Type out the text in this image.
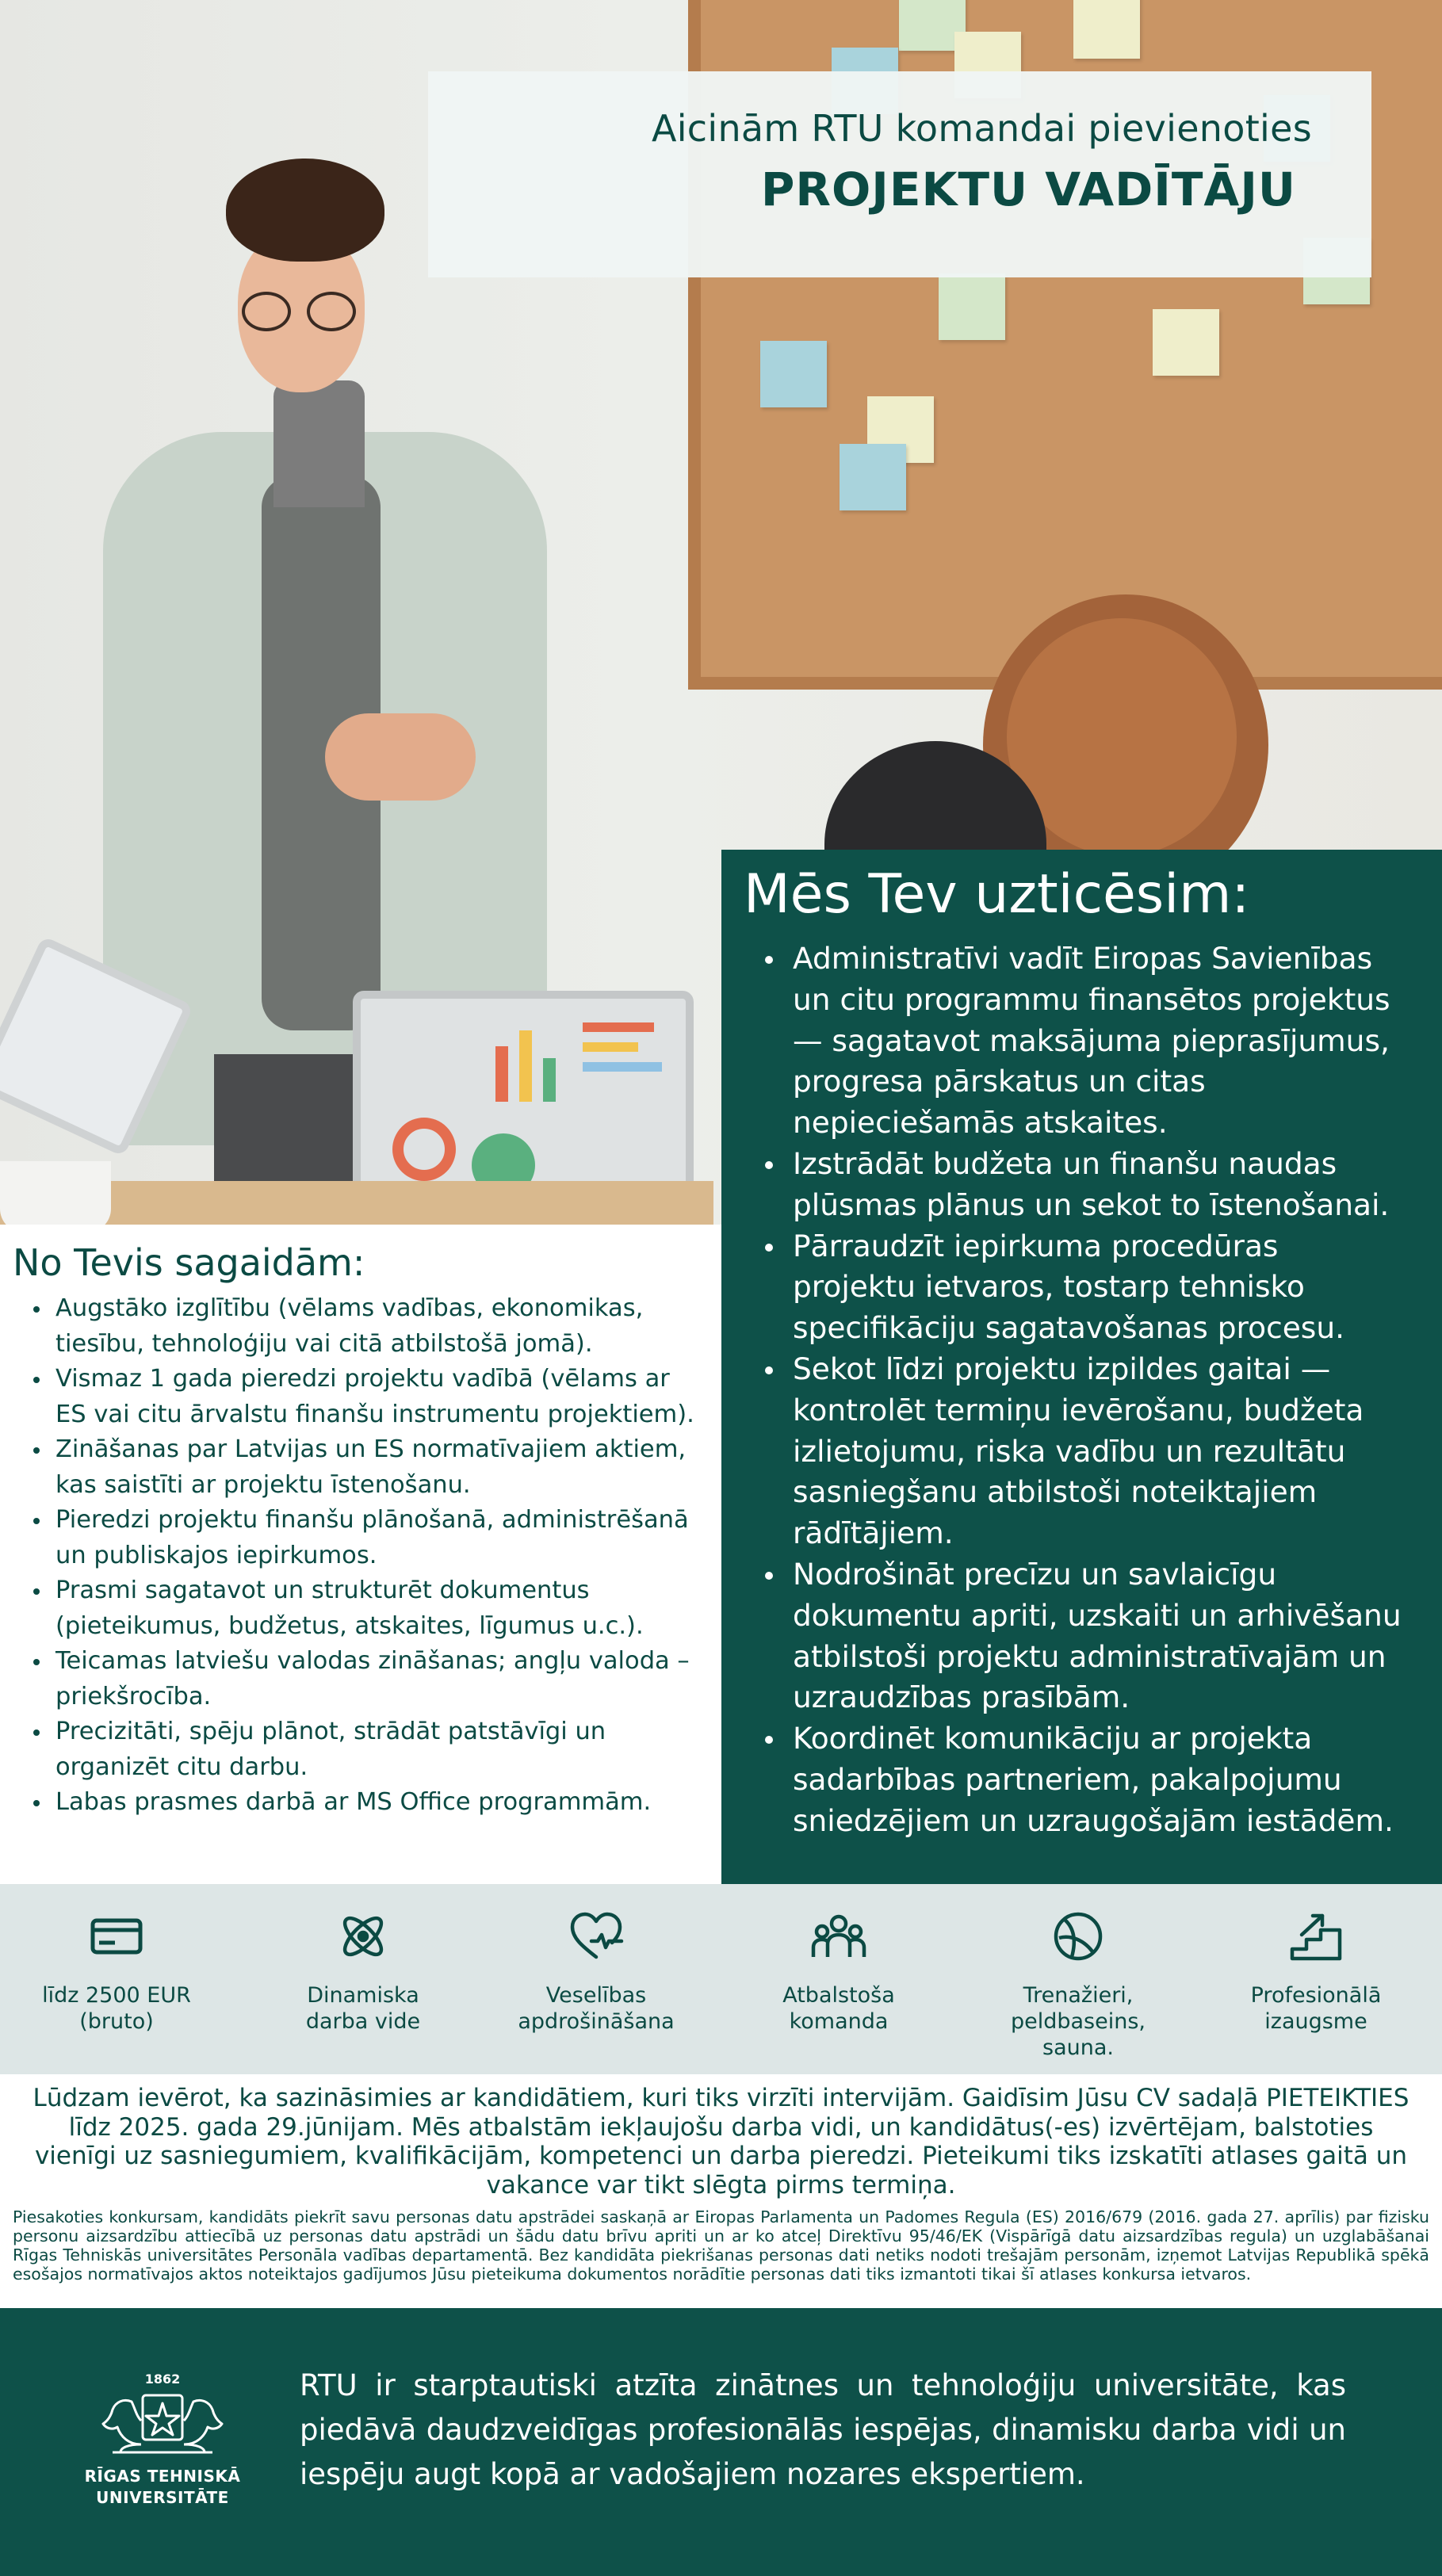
Aicinām RTU komandai pievienoties
PROJEKTU VADĪTĀJU
Mēs Tev uzticēsim:
Administratīvi vadīt Eiropas Savienības un citu programmu finansētos projektus — sagatavot maksājuma pieprasījumus, progresa pārskatus un citas nepieciešamās atskaites.
Izstrādāt budžeta un finanšu naudas plūsmas plānus un sekot to īstenošanai.
Pārraudzīt iepirkuma procedūras projektu ietvaros, tostarp tehnisko specifikāciju sagatavošanas procesu.
Sekot līdzi projektu izpildes gaitai — kontrolēt termiņu ievērošanu, budžeta izlietojumu, riska vadību un rezultātu sasniegšanu atbilstoši noteiktajiem rādītājiem.
Nodrošināt precīzu un savlaicīgu dokumentu apriti, uzskaiti un arhivēšanu atbilstoši projektu administratīvajām un uzraudzības prasībām.
Koordinēt komunikāciju ar projekta sadarbības partneriem, pakalpojumu sniedzējiem un uzraugošajām iestādēm.
No Tevis sagaidām:
Augstāko izglītību (vēlams vadības, ekonomikas, tiesību, tehnoloģiju vai citā atbilstošā jomā).
Vismaz 1 gada pieredzi projektu vadībā (vēlams ar ES vai citu ārvalstu finanšu instrumentu projektiem).
Zināšanas par Latvijas un ES normatīvajiem aktiem, kas saistīti ar projektu īstenošanu.
Pieredzi projektu finanšu plānošanā, administrēšanā un publiskajos iepirkumos.
Prasmi sagatavot un strukturēt dokumentus (pieteikumus, budžetus, atskaites, līgumus u.c.).
Teicamas latviešu valodas zināšanas; angļu valoda – priekšrocība.
Precizitāti, spēju plānot, strādāt patstāvīgi un organizēt citu darbu.
Labas prasmes darbā ar MS Office programmām.
līdz 2500 EUR
(bruto)
Dinamiska
darba vide
Veselības
apdrošināšana
Atbalstoša
komanda
Trenažieri,
peldbaseins,
sauna.
Profesionālā
izaugsme
Lūdzam ievērot, ka sazināsimies ar kandidātiem, kuri tiks virzīti intervijām. Gaidīsim Jūsu CV sadaļā PIETEIKTIES līdz 2025. gada 29.jūnijam. Mēs atbalstām iekļaujošu darba vidi, un kandidātus(-es) izvērtējam, balstoties vienīgi uz sasniegumiem, kvalifikācijām, kompetenci un darba pieredzi. Pieteikumi tiks izskatīti atlases gaitā un vakance var tikt slēgta pirms termiņa.
Piesakoties konkursam, kandidāts piekrīt savu personas datu apstrādei saskaņā ar Eiropas Parlamenta un Padomes Regula (ES) 2016/679 (2016. gada 27. aprīlis) par fizisku personu aizsardzību attiecībā uz personas datu apstrādi un šādu datu brīvu apriti un ar ko atceļ Direktīvu 95/46/EK (Vispārīgā datu aizsardzības regula) un uzglabāšanai Rīgas Tehniskās universitātes Personāla vadības departamentā. Bez kandidāta piekrišanas personas dati netiks nodoti trešajām personām, izņemot Latvijas Republikā spēkā esošajos normatīvajos aktos noteiktajos gadījumos Jūsu pieteikuma dokumentos norādītie personas dati tiks izmantoti tikai šī atlases konkursa ietvaros.
1862
RĪGAS TEHNISKĀ
UNIVERSITĀTE
RTU ir starptautiski atzīta zinātnes un tehnoloģiju universitāte, kas piedāvā daudzveidīgas profesionālās iespējas, dinamisku darba vidi un iespēju augt kopā ar vadošajiem nozares ekspertiem.
